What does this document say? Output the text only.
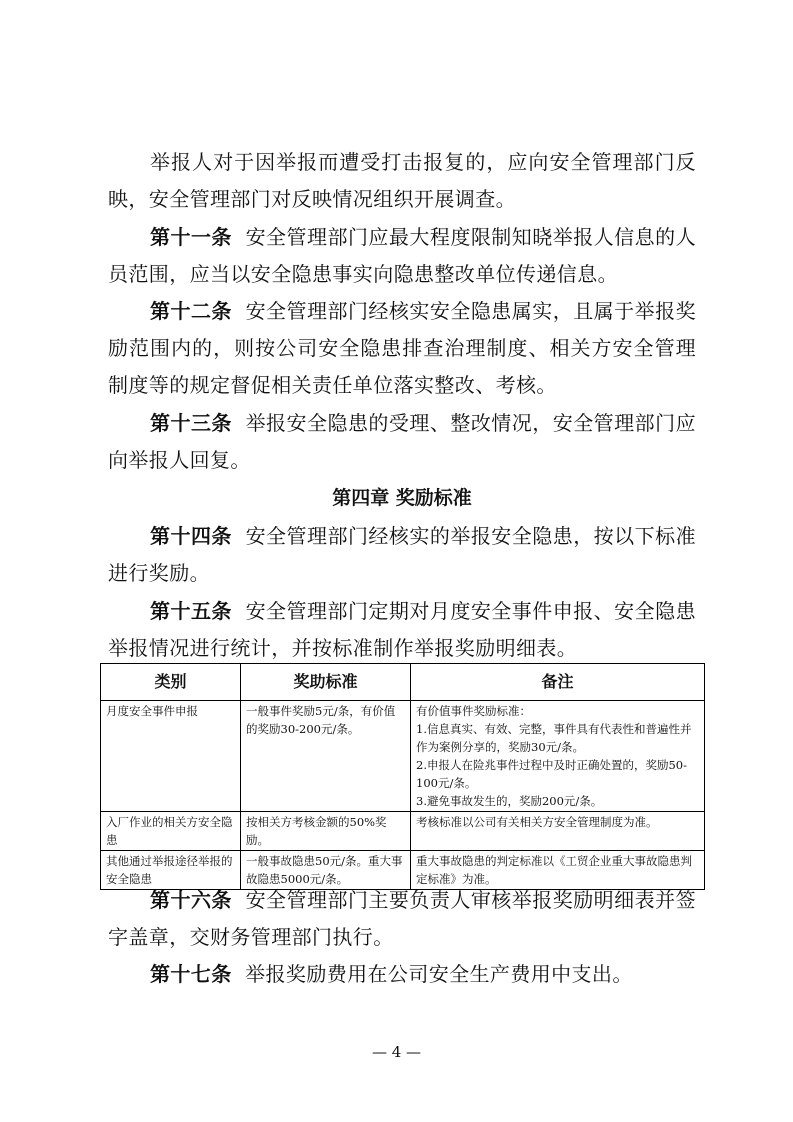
举报人对于因举报而遭受打击报复的，应向安全管理部门反映，安全管理部门对反映情况组织开展调查。
第十一条 安全管理部门应最大程度限制知晓举报人信息的人员范围，应当以安全隐患事实向隐患整改单位传递信息。
第十二条 安全管理部门经核实安全隐患属实，且属于举报奖励范围内的，则按公司安全隐患排查治理制度、相关方安全管理制度等的规定督促相关责任单位落实整改、考核。
第十三条 举报安全隐患的受理、整改情况，安全管理部门应向举报人回复。
第四章 奖励标准
第十四条 安全管理部门经核实的举报安全隐患，按以下标准进行奖励。
第十五条 安全管理部门定期对月度安全事件申报、安全隐患举报情况进行统计，并按标准制作举报奖励明细表。
类别	奖助标准	备注
月度安全事件申报	一般事件奖励5元/条，有价值的奖励30-200元/条。	有价值事件奖励标准：
1.信息真实、有效、完整，事件具有代表性和普遍性并作为案例分享的，奖励30元/条。
2.申报人在险兆事件过程中及时正确处置的，奖励50-100元/条。
3.避免事故发生的，奖励200元/条。

入厂作业的相关方安全隐患	按相关方考核金额的50%奖励。	考核标准以公司有关相关方安全管理制度为准。

其他通过举报途径举报的安全隐患	一般事故隐患50元/条。重大事故隐患5000元/条。	重大事故隐患的判定标准以《工贸企业重大事故隐患判定标准》为准。
第十六条 安全管理部门主要负责人审核举报奖励明细表并签字盖章，交财务管理部门执行。
第十七条 举报奖励费用在公司安全生产费用中支出。
— 4 —
